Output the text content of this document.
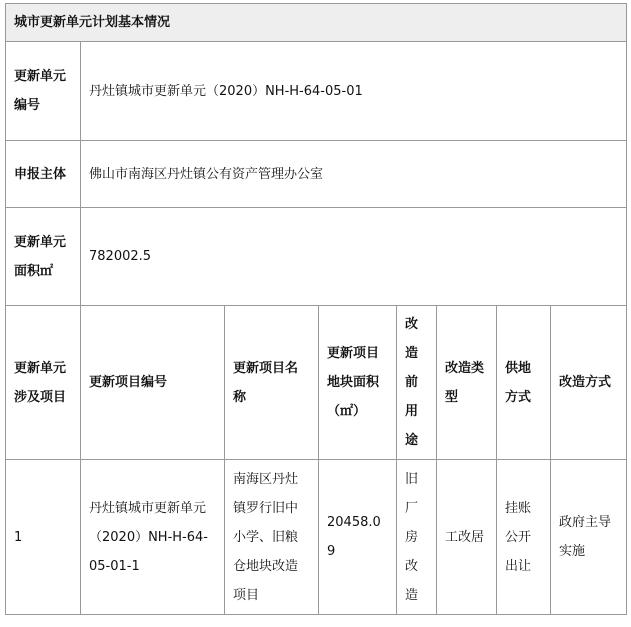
城市更新单元计划基本情况							
更新单元编号	丹灶镇城市更新单元（2020）NH-H-64-05-01						
申报主体	佛山市南海区丹灶镇公有资产管理办公室						
更新单元面积㎡	782002.5						
更新单元涉及项目	更新项目编号	更新项目名称	更新项目地块面积（㎡）	改造前用途	改造类型	供地方式	改造方式
1	丹灶镇城市更新单元（2020）NH-H-64-05-01-1	南海区丹灶镇罗行旧中小学、旧粮仓地块改造项目	20458.09	旧厂房改造	工改居	挂账公开出让	政府主导实施
